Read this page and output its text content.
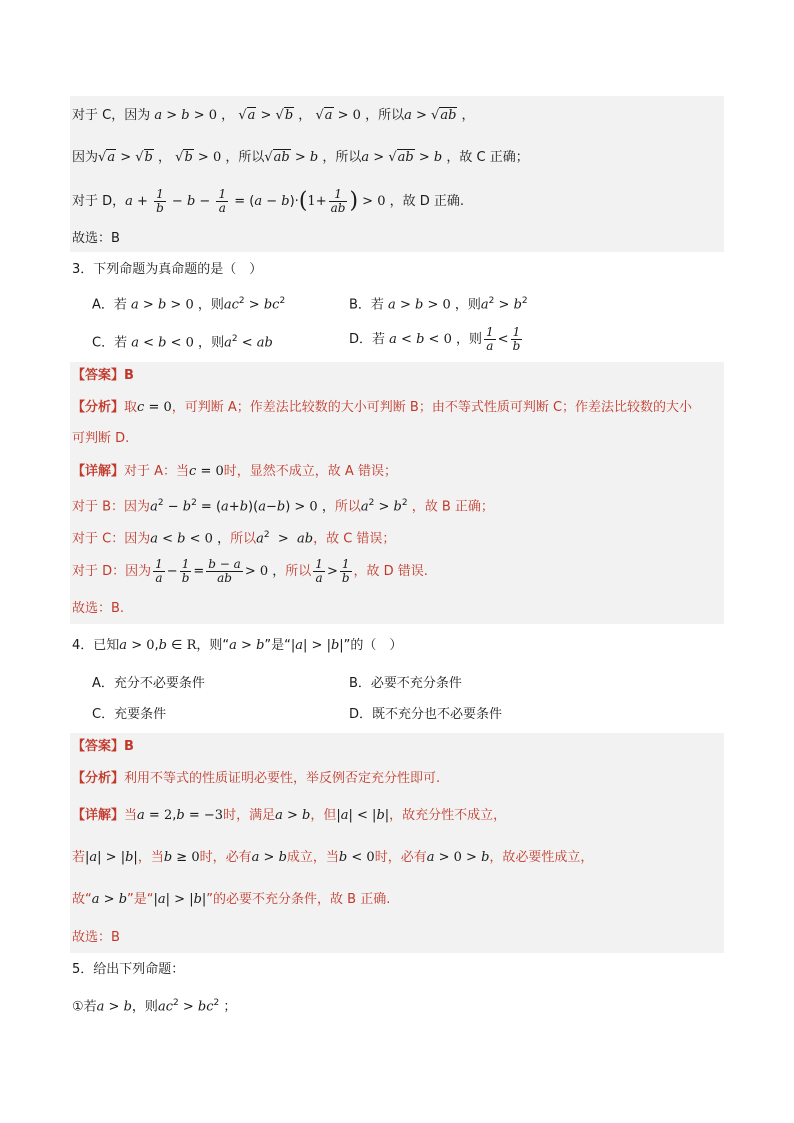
对于 C，因为 a > b > 0 ， √a > √b ， √a > 0 ，所以a > √ab ，
因为√a > √b ， √b > 0 ，所以√ab > b ，所以a > √ab > b ，故 C 正确；
对于 D，$a + \frac{1}{b} - b - \frac{1}{a} = (a - b)\cdot(1+ \frac{1}{ab}$ ) > 0 ，故 D 正确.
故选：B
3．下列命题为真命题的是（　）
A．若 a > b > 0 ，则$ac^2 > bc^2$	B．若 a > b > 0 ，则$a^2 > b^2$
C．若 a < b < 0 ，则$a^2$ < ab	D．若 a < b < 0 ，则 $\frac{1}{a} < \frac{1}{b}$
【答案】B
【分析】取c = 0，可判断 A；作差法比较数的大小可判断 B；由不等式性质可判断 C；作差法比较数的大小
可判断 D.
【详解】对于 A：当c = 0时，显然不成立，故 A 错误；
对于 B：因为$a^2 - b^2 = (a+b)(a-b) > 0$ ，所以$a^2 > b^2$ ，故 B 正确；
对于 C：因为a < b < 0 ，所以$a^2$  >  ab，故 C 错误；
对于 D：因为 $\frac{1}{a} - \frac{1}{b} = \frac{b - a}{ab} > 0$ ，所以 $\frac{1}{a} > \frac{1}{b}$ ，故 D 错误.
故选：B.
4．已知a > 0,b ∈ R，则“a > b”是“|a| > |b|”的（　）
A．充分不必要条件	B．必要不充分条件
C．充要条件	D．既不充分也不必要条件
【答案】B
【分析】利用不等式的性质证明必要性，举反例否定充分性即可.
【详解】当a = 2,b = −3时，满足a > b，但|a| < |b|，故充分性不成立，
若|a| > |b|，当b ≥ 0时，必有a > b成立，当b < 0时，必有a > 0 > b，故必要性成立，
故“a > b”是“|a| > |b|”的必要不充分条件，故 B 正确.
故选：B
5．给出下列命题：
①若a > b，则$ac^2 > bc^2$ ；
